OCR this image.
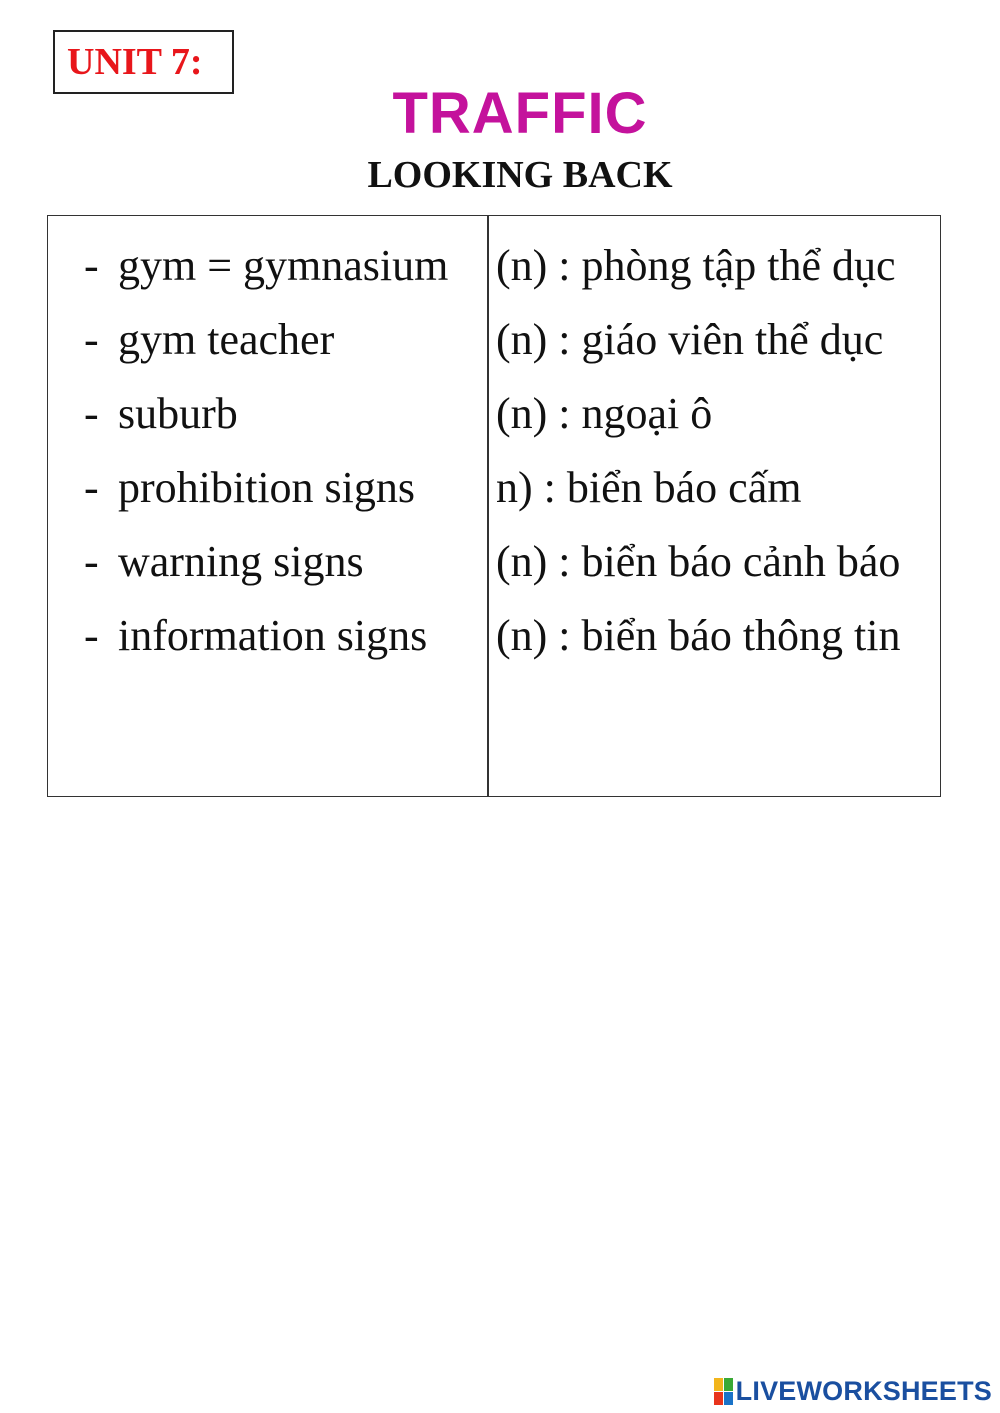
UNIT 7:
TRAFFIC
LOOKING BACK
- gym = gymnasium
- gym teacher
- suburb
- prohibition signs
- warning signs
- information signs
(n) : phòng tập thể dục
(n) : giáo viên thể dục
(n) : ngoại ô
n) : biển báo cấm
(n) : biển báo cảnh báo
(n) : biển báo thông tin
LIVEWORKSHEETS
